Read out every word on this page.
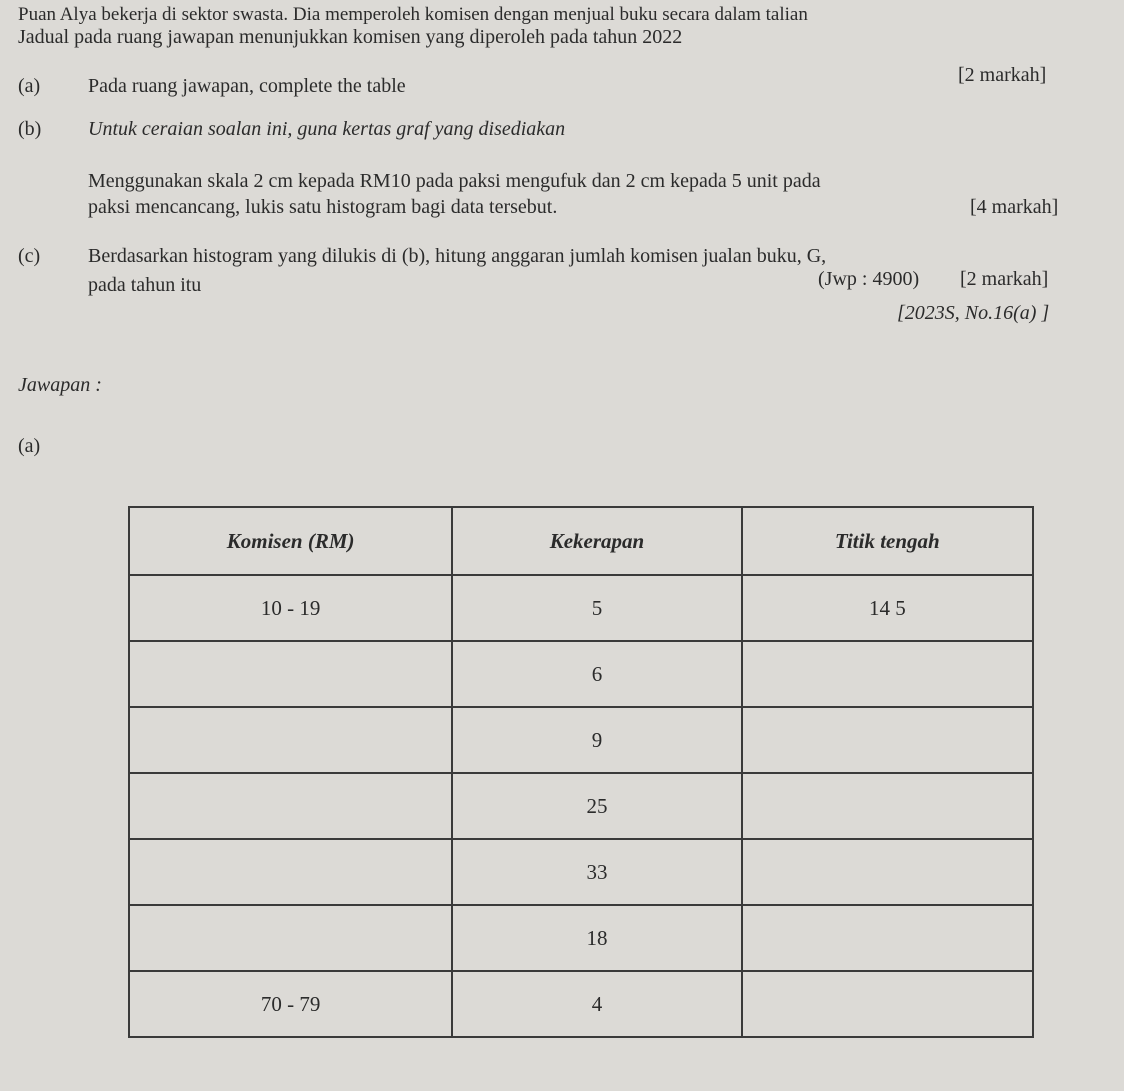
Puan Alya bekerja di sektor swasta. Dia memperoleh komisen dengan menjual buku secara dalam talian
Jadual pada ruang jawapan menunjukkan komisen yang diperoleh pada tahun 2022
(a) Pada ruang jawapan, complete the table	[2 markah]
(b) Untuk ceraian soalan ini, guna kertas graf yang disediakan
Menggunakan skala 2 cm kepada RM10 pada paksi mengufuk dan 2 cm kepada 5 unit pada
paksi mencancang, lukis satu histogram bagi data tersebut.	[4 markah]
(c) Berdasarkan histogram yang dilukis di (b), hitung anggaran jumlah komisen jualan buku, G,
pada tahun itu	(Jwp : 4900) [2 markah]
[2023S, No.16(a) ]
Jawapan :
(a)
Komisen (RM)	Kekerapan	Titik tengah
10 - 19	5	14 5
	6	
	9	
	25	
	33	
	18	
70 - 79	4	
